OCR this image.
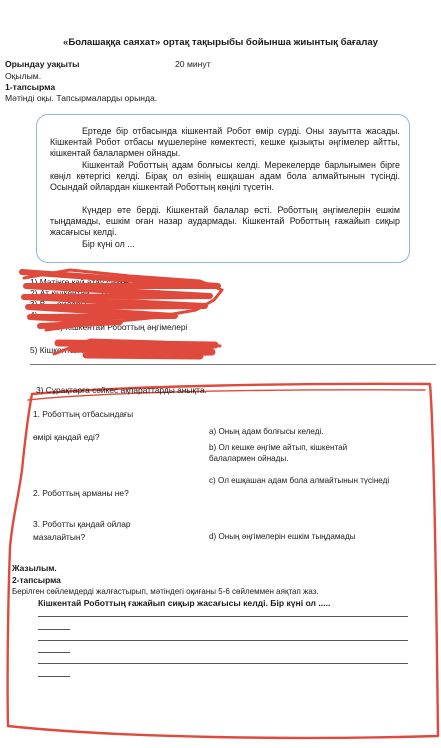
«Болашаққа саяхат» ортақ тақырыбы бойынша жиынтық бағалау
Орындау уақыты	20 минут
Оқылым.
1-тапсырма
Мәтінді оқы. Тапсырмаларды орында.

Ертеде бір отбасында кішкентай Робот өмір сүрді. Оны зауытта жасады. Кішкентай Робот отбасы мүшелеріне көмектесті, кешке қызықты әңгімелер айтты, кішкентай балалармен ойнады.

Кішкентай Роботтың адам болғысы келді. Мерекелерде барлығымен бірге көңіл көтергісі келді. Бірақ ол өзінің ешқашан адам бола алмайтынын түсінді. Осындай ойлардан кішкентай Роботтың көңілі түсетін.

Күндер өте берді. Кішкентай балалар өсті. Роботтың әңгімелерін ешкім тыңдамады, ешкім оған назар аудармады. Кішкентай Роботтың ғажайып сиқыр жасағысы келді.

Бір күні ол ...

1) Мәтінге қай атау сәйкес келеді?
2) Ат кішкентай ... роботтың өмірі
3) В ... ойлары
4) ...
с) Кішкентай Роботтың әңгімелері
5) Кішкентай Роботтың ... жүрді?
3) Сұрақтарға сәйкес ақпараттарды анықта.
1. Роботтың отбасындағы
өмірі қандай еді?
2. Роботтың арманы не?
3. Роботты қандай ойлар
мазалайтын?
a) Оның адам болғысы келеді.
b) Ол кешке әңгіме айтып, кішкентай балалармен ойнады.
c) Ол ешқашан адам бола алмайтынын түсінеді
d) Оның әңгімелерін ешкім тыңдамады
Жазылым.
2-тапсырма
Берілген сөйлемдерді жалғастырып, мәтіндегі оқиғаны 5-6 сөйлеммен аяқтап жаз.
Кішкентай Роботтың ғажайып сиқыр жасағысы келді. Бір күні ол .....
